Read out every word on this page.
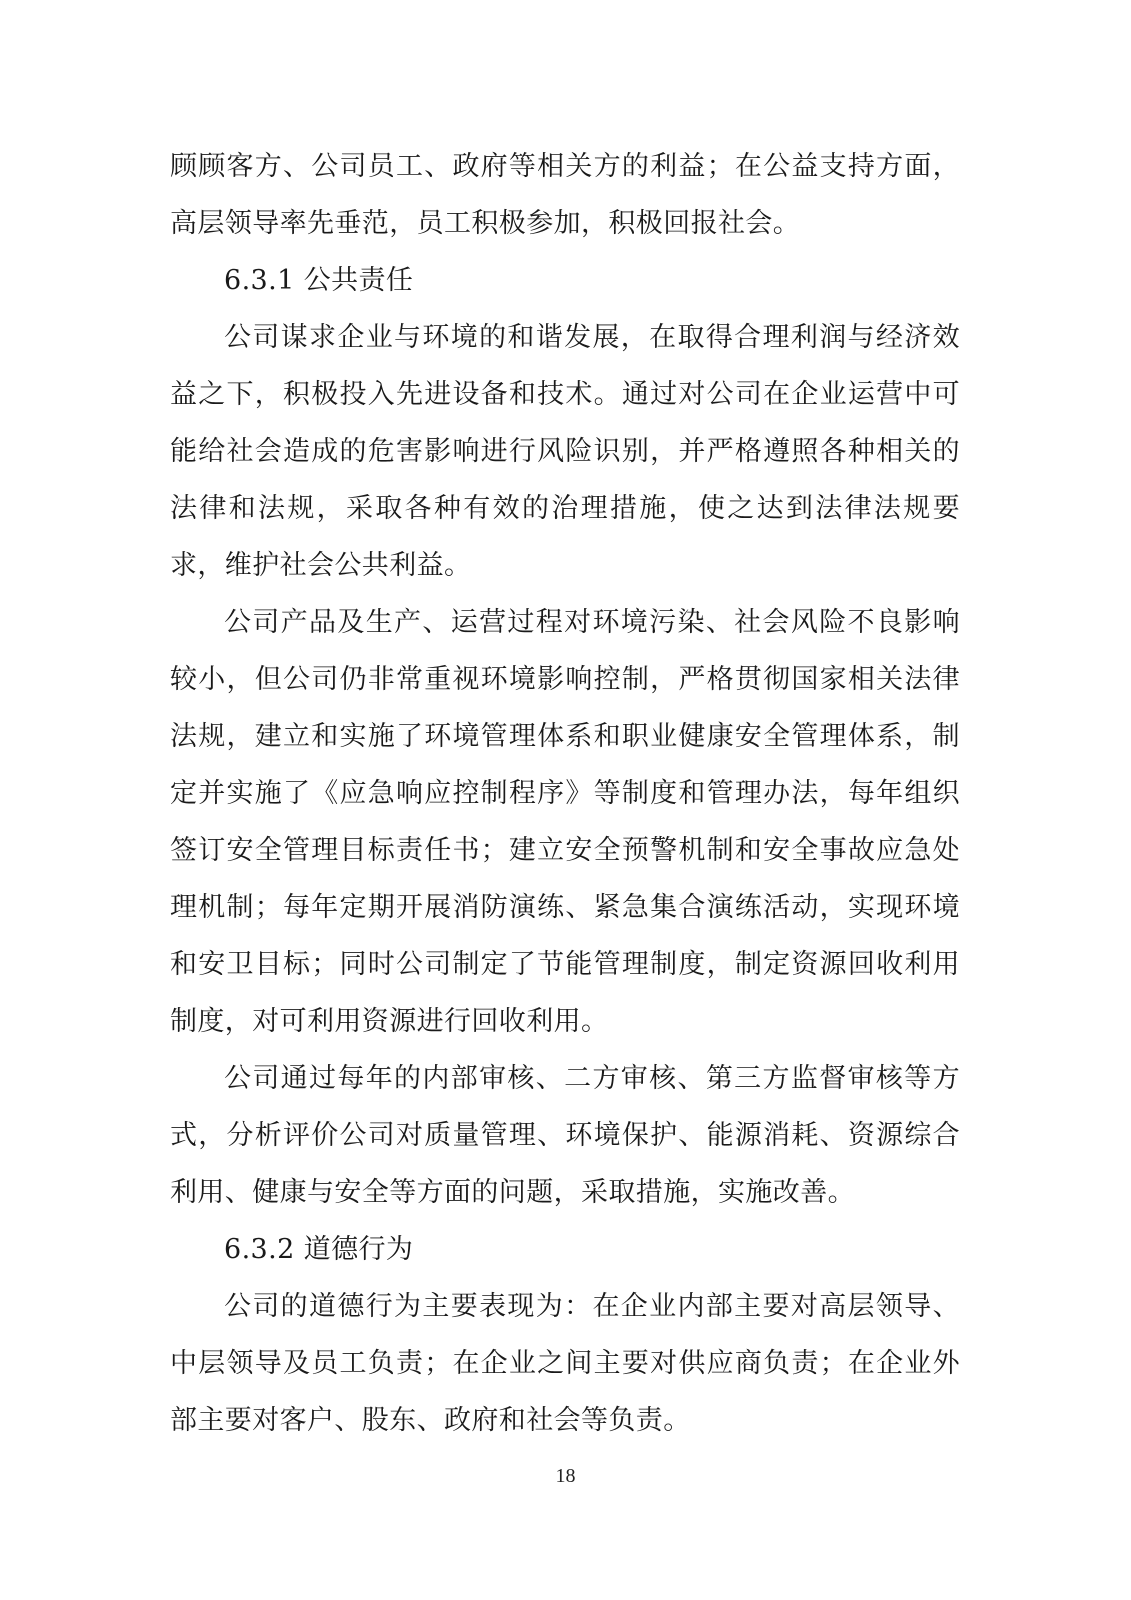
顾顾客方、公司员工、政府等相关方的利益；在公益支持方面，高层领导率先垂范，员工积极参加，积极回报社会。

6.3.1 公共责任

公司谋求企业与环境的和谐发展，在取得合理利润与经济效益之下，积极投入先进设备和技术。通过对公司在企业运营中可能给社会造成的危害影响进行风险识别，并严格遵照各种相关的法律和法规，采取各种有效的治理措施，使之达到法律法规要求，维护社会公共利益。

公司产品及生产、运营过程对环境污染、社会风险不良影响较小，但公司仍非常重视环境影响控制，严格贯彻国家相关法律法规，建立和实施了环境管理体系和职业健康安全管理体系，制定并实施了《应急响应控制程序》等制度和管理办法，每年组织签订安全管理目标责任书；建立安全预警机制和安全事故应急处理机制；每年定期开展消防演练、紧急集合演练活动，实现环境和安卫目标；同时公司制定了节能管理制度，制定资源回收利用制度，对可利用资源进行回收利用。

公司通过每年的内部审核、二方审核、第三方监督审核等方式，分析评价公司对质量管理、环境保护、能源消耗、资源综合利用、健康与安全等方面的问题，采取措施，实施改善。

6.3.2 道德行为

公司的道德行为主要表现为：在企业内部主要对高层领导、中层领导及员工负责；在企业之间主要对供应商负责；在企业外部主要对客户、股东、政府和社会等负责。

18
